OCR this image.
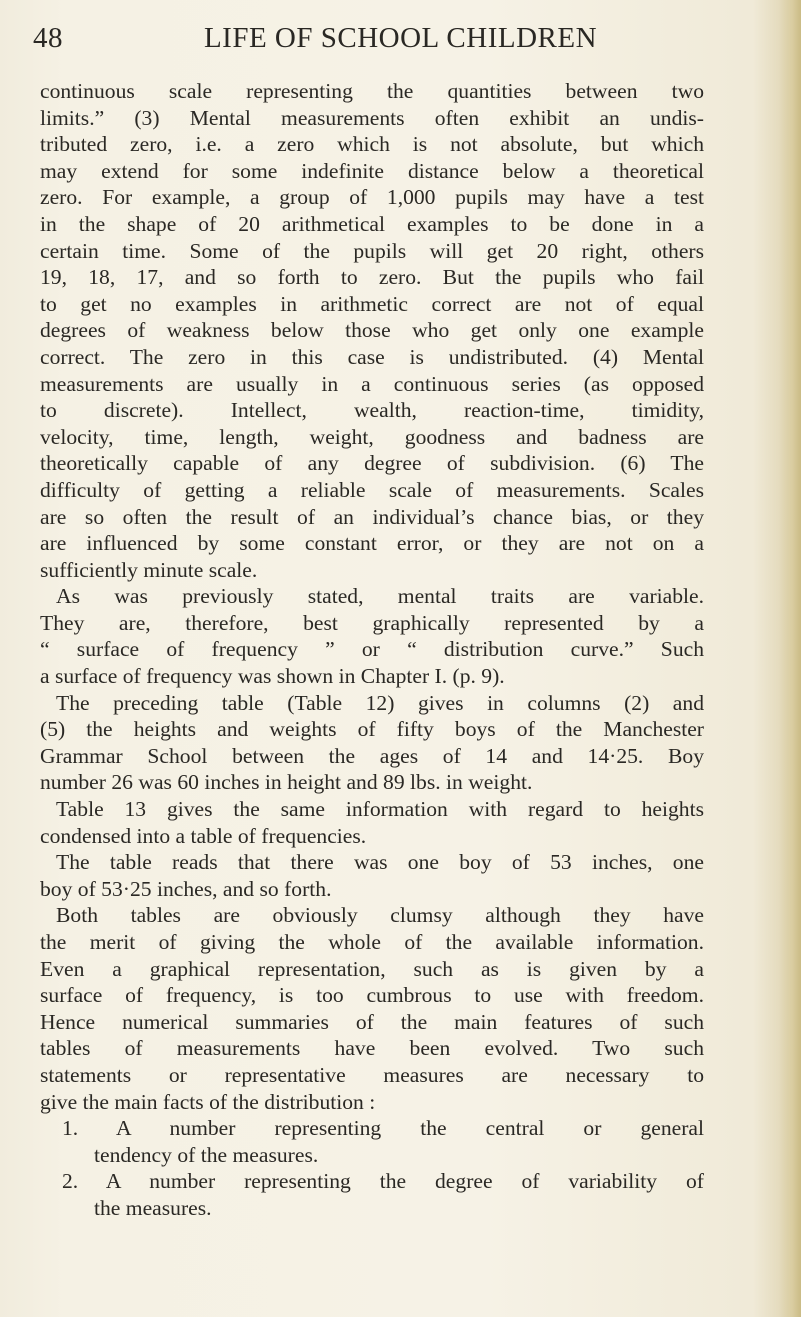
48	LIFE OF SCHOOL CHILDREN
continuous scale representing the quantities between two
limits.” (3) Mental measurements often exhibit an undis-
tributed zero, i.e. a zero which is not absolute, but which
may extend for some indefinite distance below a theoretical
zero. For example, a group of 1,000 pupils may have a test
in the shape of 20 arithmetical examples to be done in a
certain time. Some of the pupils will get 20 right, others
19, 18, 17, and so forth to zero. But the pupils who fail
to get no examples in arithmetic correct are not of equal
degrees of weakness below those who get only one example
correct. The zero in this case is undistributed. (4) Mental
measurements are usually in a continuous series (as opposed
to discrete). Intellect, wealth, reaction-time, timidity,
velocity, time, length, weight, goodness and badness are
theoretically capable of any degree of subdivision. (6) The
difficulty of getting a reliable scale of measurements. Scales
are so often the result of an individual’s chance bias, or they
are influenced by some constant error, or they are not on a
sufficiently minute scale.
As was previously stated, mental traits are variable.
They are, therefore, best graphically represented by a
“ surface of frequency ” or “ distribution curve.” Such
a surface of frequency was shown in Chapter I. (p. 9).
The preceding table (Table 12) gives in columns (2) and
(5) the heights and weights of fifty boys of the Manchester
Grammar School between the ages of 14 and 14·25. Boy
number 26 was 60 inches in height and 89 lbs. in weight.
Table 13 gives the same information with regard to heights
condensed into a table of frequencies.
The table reads that there was one boy of 53 inches, one
boy of 53·25 inches, and so forth.
Both tables are obviously clumsy although they have
the merit of giving the whole of the available information.
Even a graphical representation, such as is given by a
surface of frequency, is too cumbrous to use with freedom.
Hence numerical summaries of the main features of such
tables of measurements have been evolved. Two such
statements or representative measures are necessary to
give the main facts of the distribution :
1. A number representing the central or general
tendency of the measures.
2. A number representing the degree of variability of
the measures.
